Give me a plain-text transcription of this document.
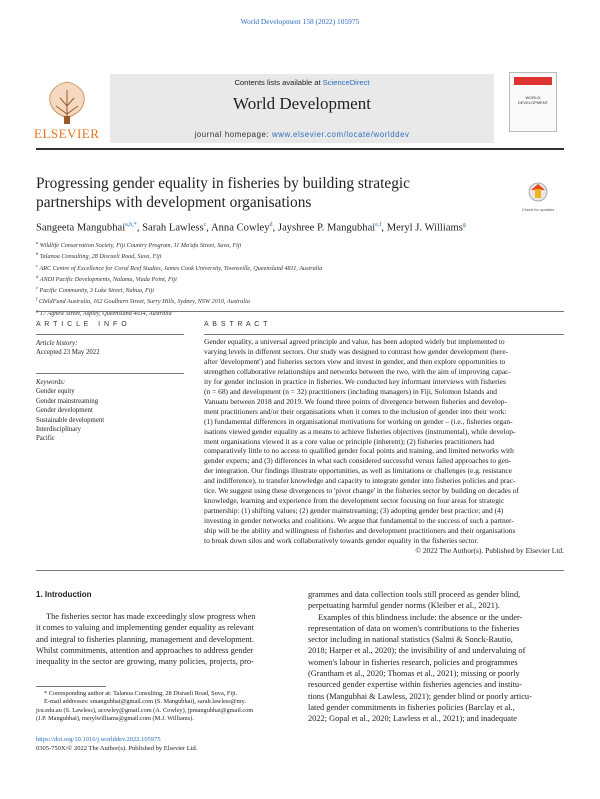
World Development 158 (2022) 105975
ELSEVIER
Contents lists available at ScienceDirect
World Development
journal homepage: www.elsevier.com/locate/worlddev
WORLD DEVELOPMENT
Progressing gender equality in fisheries by building strategic
partnerships with development organisations	Check for updates
Sangeeta Mangubhai$^{a,b,*}$, Sarah Lawless$^c$, Anna Cowley$^d$, Jayshree P. Mangubhai$^{e,f}$, Meryl J. Williams$^g$
$^a$ Wildlife Conservation Society, Fiji Country Program, 11 Ma'afu Street, Suva, Fiji
$^b$ Talanoa Consulting, 28 Disraeli Road, Suva, Fiji
$^c$ ARC Centre of Excellence for Coral Reef Studies, James Cook University, Townsville, Queensland 4811, Australia
$^d$ ANDI Pacific Developments, Nalamu, Viada Point, Fiji
$^e$ Pacific Community, 3 Luke Street, Nabua, Fiji
$^f$ ChildFund Australia, 162 Goulburn Street, Surry Hills, Sydney, NSW 2010, Australia
$^g$ 17 Agnew Street, Aspley, Queensland 4034, Australia
A R T I C L E   I N F O
Article history:
Accepted 23 May 2022
Keywords:
Gender equity
Gender mainstreaming
Gender development
Sustainable development
Interdisciplinary
Pacific
A B S T R A C T
Gender equality, a universal agreed principle and value, has been adopted widely but implemented to
varying levels in different sectors. Our study was designed to contrast how gender development (here-
after 'development') and fisheries sectors view and invest in gender, and then explore opportunities to
strengthen collaborative relationships and networks between the two, with the aim of improving capac-
ity for gender inclusion in practice in fisheries. We conducted key informant interviews with fisheries
(n = 68) and development (n = 32) practitioners (including managers) in Fiji, Solomon Islands and
Vanuatu between 2018 and 2019. We found three points of divergence between fisheries and develop-
ment practitioners and/or their organisations when it comes to the inclusion of gender into their work:
(1) fundamental differences in organisational motivations for working on gender – (i.e., fisheries organ-
isations viewed gender equality as a means to achieve fisheries objectives (instrumental), while develop-
ment organisations viewed it as a core value or principle (inherent); (2) fisheries practitioners had
comparatively little to no access to qualified gender focal points and training, and limited networks with
gender experts; and (3) differences in what each considered successful versus failed approaches to gen-
der integration. Our findings illustrate opportunities, as well as limitations or challenges (e.g. resistance
and indifference), to transfer knowledge and capacity to integrate gender into fisheries policies and prac-
tice. We suggest using these divergences to 'pivot change' in the fisheries sector by building on decades of
knowledge, learning and experience from the development sector focusing on four areas for strategic
partnership: (1) shifting values; (2) gender mainstreaming; (3) adopting gender best practice; and (4)
investing in gender networks and coalitions. We argue that fundamental to the success of such a partner-
ship will be the ability and willingness of fisheries and development practitioners and their organisations
to break down silos and work collaboratively towards gender equality in the fisheries sector.
© 2022 The Author(s). Published by Elsevier Ltd.
1. Introduction
The fisheries sector has made exceedingly slow progress when
it comes to valuing and implementing gender equality as relevant
and integral to fisheries planning, management and development.
Whilst commitments, attention and approaches to address gender
inequality in the sector are growing, many policies, projects, pro-
grammes and data collection tools still proceed as gender blind,
perpetuating harmful gender norms (Kleiber et al., 2021).
Examples of this blindness include: the absence or the under-
representation of data on women's contributions to the fisheries
sector including in national statistics (Salmi & Sonck-Rautio,
2018; Harper et al., 2020); the invisibility of and undervaluing of
women's labour in fisheries research, policies and programmes
(Grantham et al., 2020; Thomas et al., 2021); missing or poorly
resourced gender expertise within fisheries agencies and institu-
tions (Mangubhai & Lawless, 2021); gender blind or poorly articu-
lated gender commitments in fisheries policies (Barclay et al.,
2022; Gopal et al., 2020; Lawless et al., 2021); and inadequate
* Corresponding author at: Talanoa Consulting, 28 Disraeli Road, Suva, Fiji.
E-mail addresses: smangubhai@gmail.com (S. Mangubhai), sarah.lawless@my.
jcu.edu.au (S. Lawless), acowley@gmail.com (A. Cowley), jpmangubhai@gmail.com
(J.P. Mangubhai), merylwilliams@gmail.com (M.J. Williams).
https://doi.org/10.1016/j.worlddev.2022.105975
0305-750X/© 2022 The Author(s). Published by Elsevier Ltd.
